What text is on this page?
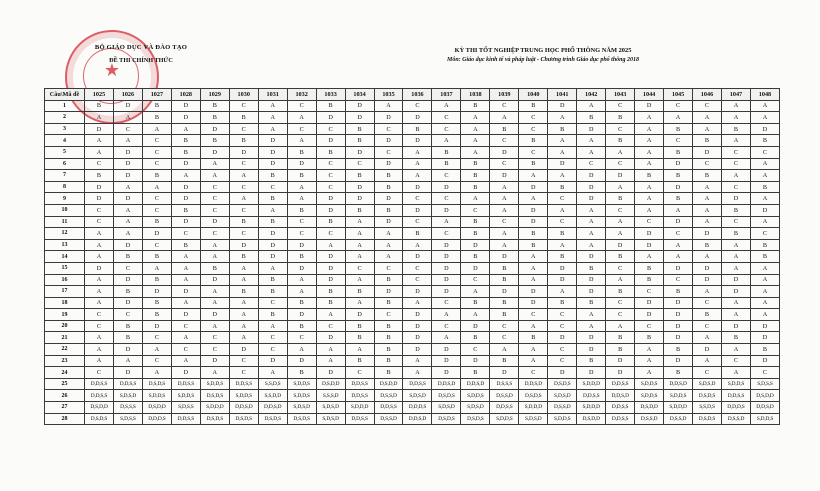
★
BỘ GIÁO DỤC VÀ ĐÀO TẠO
ĐỀ THI CHÍNH THỨC
KỲ THI TỐT NGHIỆP TRUNG HỌC PHỔ THÔNG NĂM 2025
Môn: Giáo dục kinh tế và pháp luật - Chương trình Giáo dục phổ thông 2018
Câu\Mã đề	1025	1026	1027	1028	1029	1030	1031	1032	1033	1034	1035	1036	1037	1038	1039	1040	1041	1042	1043	1044	1045	1046	1047	1048
1	B	D	B	D	B	C	A	C	B	D	A	C	A	B	C	B	D	A	C	D	C	C	A	A
2	A	A	B	D	B	B	A	A	D	D	D	D	C	A	A	C	A	B	B	A	A	A	A	A
3	D	C	A	A	D	C	A	C	C	B	C	B	C	A	B	C	B	D	C	A	B	A	B	D
4	A	A	C	B	B	B	D	A	D	B	D	D	A	A	C	B	A	A	B	A	C	B	A	B
5	A	D	C	B	D	D	D	B	B	D	C	A	B	A	D	C	A	A	A	A	B	D	C	C
6	C	D	C	D	A	C	D	D	C	C	D	A	B	B	C	B	D	C	C	A	D	C	C	A
7	B	D	B	A	A	A	B	B	C	B	B	A	C	B	D	A	A	D	D	B	B	B	A	A
8	D	A	A	D	C	C	C	A	C	D	B	D	D	B	A	D	B	D	A	A	D	A	C	B
9	D	D	C	D	C	A	B	A	D	D	D	C	C	A	A	A	C	D	B	A	B	A	D	A
10	C	A	C	B	C	C	A	B	D	B	B	D	D	C	A	D	A	A	C	A	A	A	B	D
11	C	A	B	D	D	B	B	C	B	A	D	C	A	B	C	D	C	A	A	C	D	A	C	A
12	A	A	D	C	C	C	D	C	C	A	A	B	C	B	A	B	B	A	A	D	C	D	B	C
13	A	D	C	B	A	D	D	D	A	A	A	A	D	D	A	B	A	A	D	D	A	B	A	B
14	A	B	B	A	A	B	D	B	D	A	A	D	D	B	D	A	B	D	B	A	A	A	A	B
15	D	C	A	A	B	A	A	D	D	C	C	C	D	D	B	A	D	B	C	B	D	D	A	A
16	A	D	B	A	D	A	B	A	D	A	B	C	D	C	B	A	D	D	A	B	C	D	D	A
17	A	B	D	D	A	B	B	A	B	B	D	D	D	A	D	D	A	D	B	C	B	A	D	A
18	A	D	B	A	A	A	C	B	B	A	B	A	C	B	B	D	B	B	C	D	D	C	A	A
19	C	C	B	D	D	A	B	D	A	D	C	D	A	A	B	C	C	A	C	D	D	B	A	A
20	C	B	D	C	A	A	A	B	C	B	B	D	C	D	C	A	C	A	A	C	D	C	D	D
21	A	B	C	A	C	A	C	C	D	B	B	D	A	B	C	B	D	D	B	B	D	A	B	D
22	A	D	A	C	C	D	C	A	A	A	B	D	D	C	A	A	C	D	B	A	B	D	A	B
23	A	A	C	A	D	C	D	D	A	B	B	A	D	D	B	A	C	B	D	A	D	A	C	D
24	C	D	A	D	A	C	A	B	D	C	B	A	D	B	D	C	D	D	D	A	B	C	A	C
25	D,D,S,S	D,D,S,S	D,S,D,S	D,D,S,S	S,D,D,S	D,D,S,S	S,S,D,S	S,D,D,S	D,S,D,D	D,D,S,S	D,S,D,D	D,D,S,S	D,D,S,D	D,D,S,D	D,S,S,S	D,D,S,D	D,S,D,S	S,D,D,D	D,D,S,S	S,D,D,S	D,D,S,D	S,D,S,D	S,D,D,S	S,D,S,S
26	D,D,S,S	S,D,S,D	S,D,D,S	S,D,D,S	D,S,D,S	S,D,D,S	S,S,D,D	S,D,D,S	S,S,S,D	D,D,S,S	D,S,S,D	S,D,S,D	D,S,D,S	S,D,D,S	D,S,S,D	D,S,D,S	S,D,S,D	D,D,S,S	D,D,S,D	S,D,D,S	S,D,D,S	D,S,D,S	D,D,S,S	D,S,D,D
27	D,S,D,D	D,S,S,S	D,S,D,D	S,D,S,S	S,D,D,D	D,D,S,D	D,D,S,D	S,D,S,D	S,D,S,D	S,D,D,D	D,D,S,S	D,D,D,S	S,D,S,D	S,D,S,D	D,D,S,S	S,D,D,D	D,S,S,D	S,D,D,D	D,D,S,S	D,S,D,D	S,D,D,D	S,S,D,S	D,D,D,S	D,D,S,D
28	D,S,D,S	S,D,S,S	D,D,D,S	D,D,S,S	D,S,D,S	D,S,D,S	D,S,D,S	D,S,D,S	S,D,S,D	D,D,S,S	D,S,S,D	D,D,S,D	D,S,D,S	D,S,D,S	S,D,D,S	S,D,S,D	S,D,D,S	D,S,D,D	D,D,S,S	D,S,S,D	D,S,S,D	D,S,D,S	D,S,S,D	S,D,D,S
